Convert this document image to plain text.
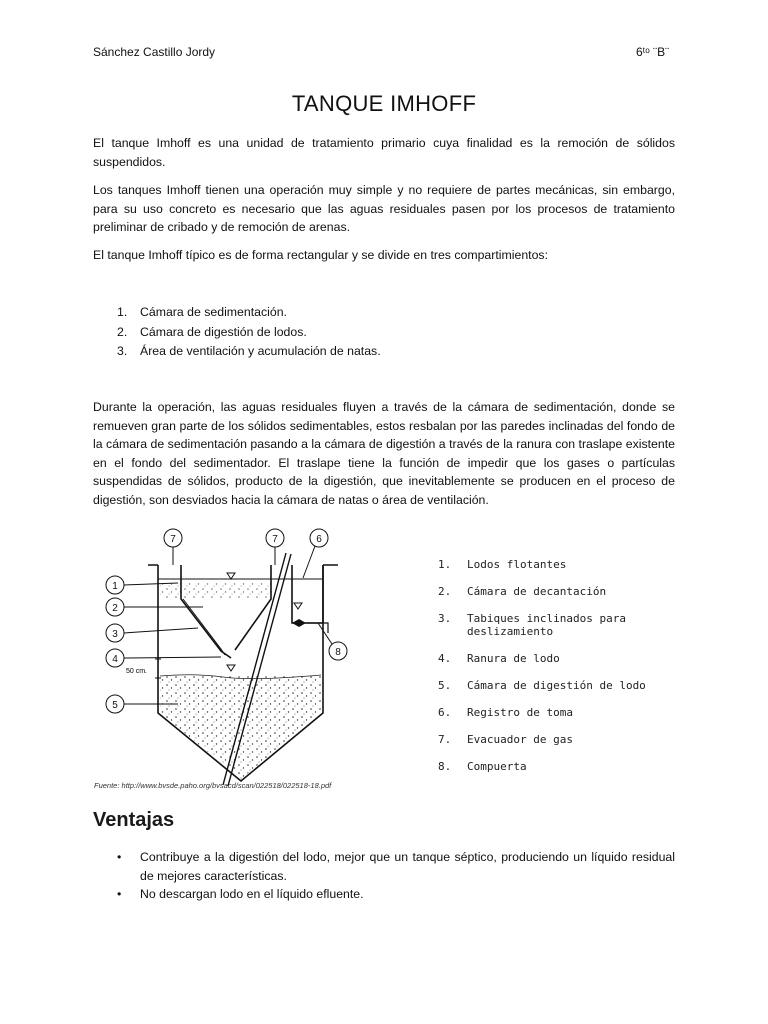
Sánchez Castillo Jordy	6ᵗᵒ ¨B¨
TANQUE IMHOFF
El tanque Imhoff es una unidad de tratamiento primario cuya finalidad es la remoción de sólidos suspendidos.
Los tanques Imhoff tienen una operación muy simple y no requiere de partes mecánicas, sin embargo, para su uso concreto es necesario que las aguas residuales pasen por los procesos de tratamiento preliminar de cribado y de remoción de arenas.
El tanque Imhoff típico es de forma rectangular y se divide en tres compartimientos:
1.	Cámara de sedimentación.
2.	Cámara de digestión de lodos.
3.	Área de ventilación y acumulación de natas.
Durante la operación, las aguas residuales fluyen a través de la cámara de sedimentación, donde se remueven gran parte de los sólidos sedimentables, estos resbalan por las paredes inclinadas del fondo de la cámara de sedimentación pasando a la cámara de digestión a través de la ranura con traslape existente en el fondo del sedimentador. El traslape tiene la función de impedir que los gases o partículas suspendidas de sólidos, producto de la digestión, que inevitablemente se producen en el proceso de digestión, son desviados hacia la cámara de natas o área de ventilación.
50 cm.
7	7	6
1
2
3
4
5
8
Fuente: http://www.bvsde.paho.org/bvsacd/scan/022518/022518-18.pdf
1.	Lodos flotantes
2.	Cámara de decantación
3.	Tabiques inclinados para deslizamiento
4.	Ranura de lodo
5.	Cámara de digestión de lodo
6.	Registro de toma
7.	Evacuador de gas
8.	Compuerta
Ventajas
•	Contribuye a la digestión del lodo, mejor que un tanque séptico, produciendo un líquido residual de mejores características.
•	No descargan lodo en el líquido efluente.
